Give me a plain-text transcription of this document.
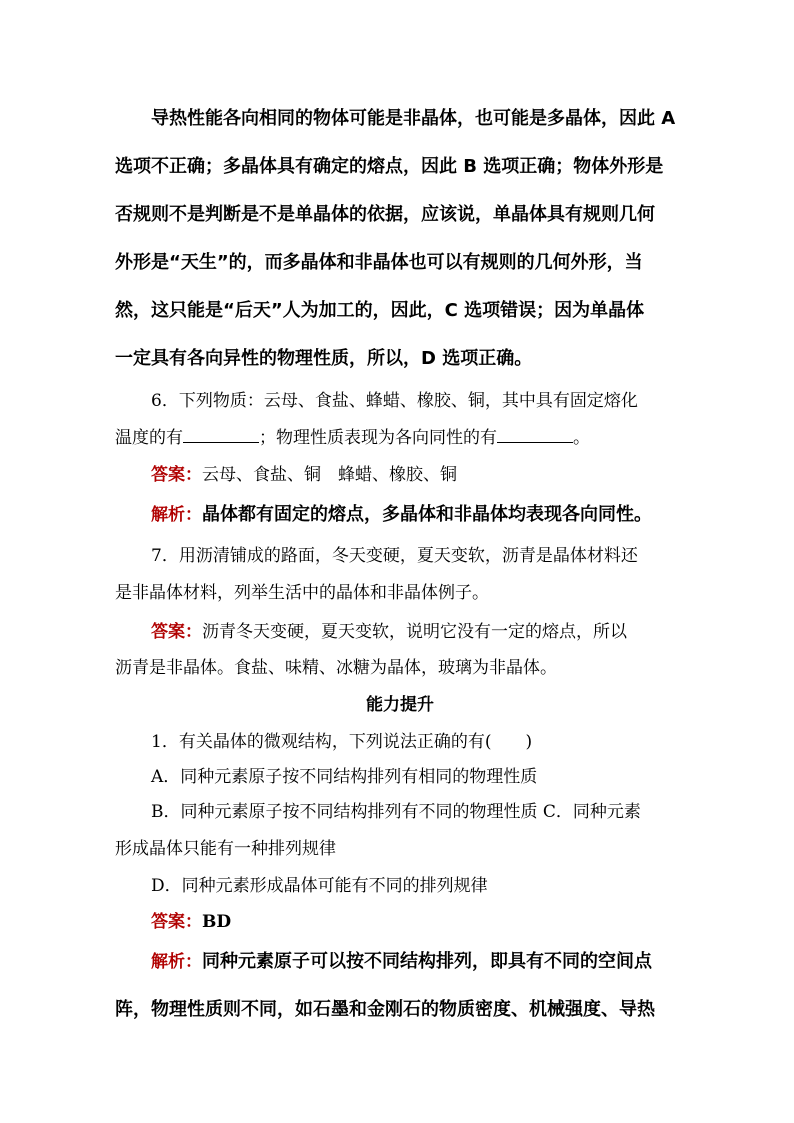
导热性能各向相同的物体可能是非晶体，也可能是多晶体，因此 A
选项不正确；多晶体具有确定的熔点，因此 B 选项正确；物体外形是
否规则不是判断是不是单晶体的依据，应该说，单晶体具有规则几何
外形是“天生”的，而多晶体和非晶体也可以有规则的几何外形，当
然，这只能是“后天”人为加工的，因此，C 选项错误；因为单晶体
一定具有各向异性的物理性质，所以，D 选项正确。
6．下列物质：云母、食盐、蜂蜡、橡胶、铜，其中具有固定熔化
温度的有	；物理性质表现为各向同性的有	。
答案：云母、食盐、铜　蜂蜡、橡胶、铜
解析：晶体都有固定的熔点，多晶体和非晶体均表现各向同性。
7．用沥清铺成的路面，冬天变硬，夏天变软，沥青是晶体材料还
是非晶体材料，列举生活中的晶体和非晶体例子。
答案：沥青冬天变硬，夏天变软，说明它没有一定的熔点，所以
沥青是非晶体。食盐、味精、冰糖为晶体，玻璃为非晶体。
能力提升
1．有关晶体的微观结构，下列说法正确的有(　　)
A．同种元素原子按不同结构排列有相同的物理性质
B．同种元素原子按不同结构排列有不同的物理性质 C．同种元素
形成晶体只能有一种排列规律
D．同种元素形成晶体可能有不同的排列规律
答案：BD
解析：同种元素原子可以按不同结构排列，即具有不同的空间点
阵，物理性质则不同，如石墨和金刚石的物质密度、机械强度、导热
